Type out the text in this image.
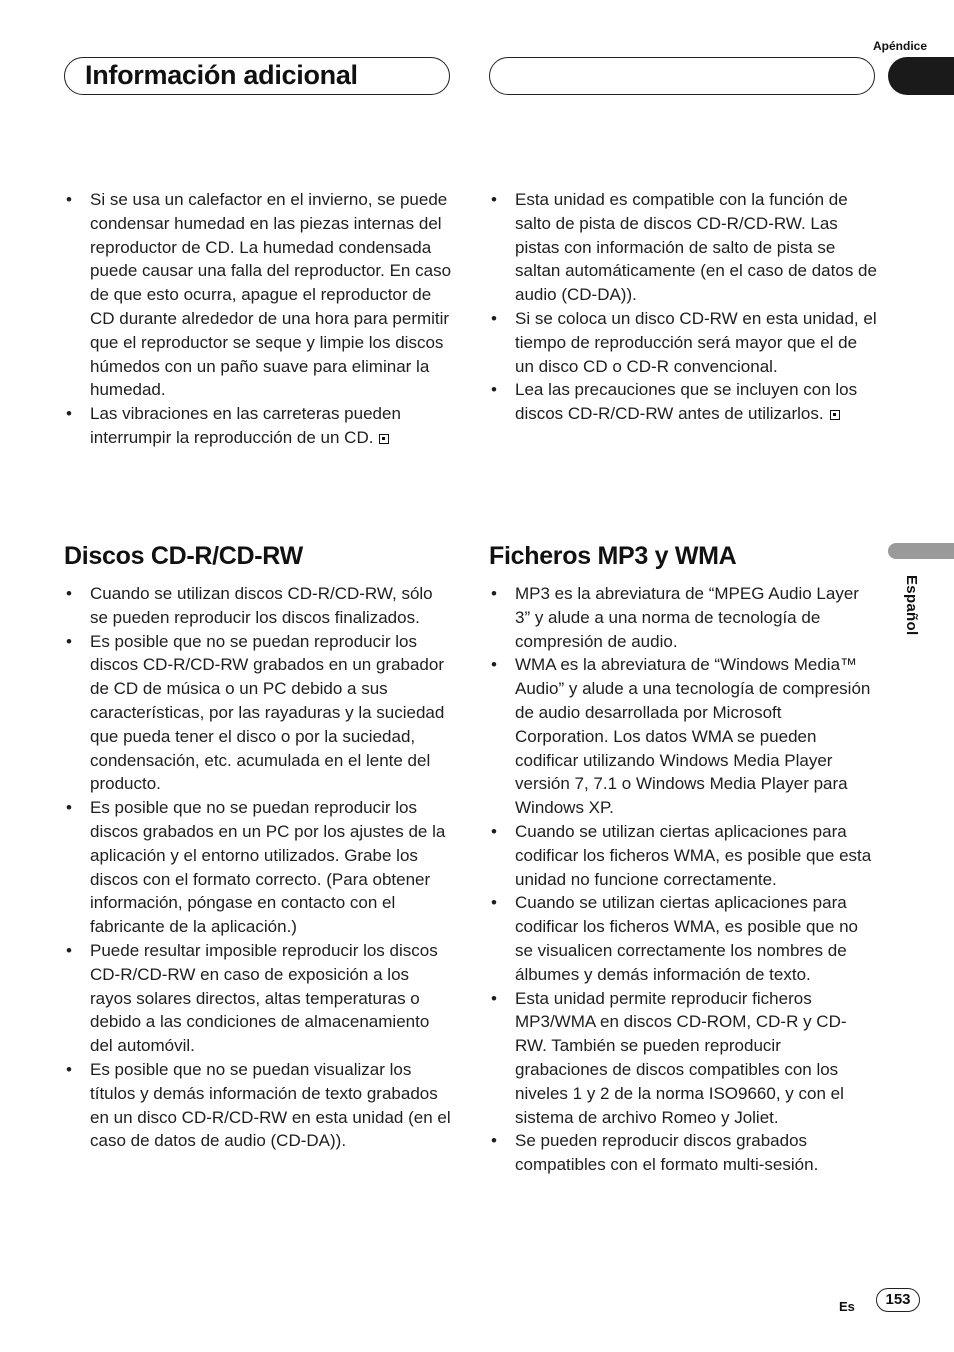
Apéndice
Información adicional
Español
• Si se usa un calefactor en el invierno, se puede condensar humedad en las piezas internas del reproductor de CD. La humedad condensada puede causar una falla del reproductor. En caso de que esto ocurra, apague el reproductor de CD durante alrededor de una hora para permitir que el reproductor se seque y limpie los discos húmedos con un paño suave para eliminar la humedad.
• Las vibraciones en las carreteras pueden interrumpir la reproducción de un CD.
• Esta unidad es compatible con la función de salto de pista de discos CD-R/CD-RW. Las pistas con información de salto de pista se saltan automáticamente (en el caso de datos de audio (CD-DA)).
• Si se coloca un disco CD-RW en esta unidad, el tiempo de reproducción será mayor que el de un disco CD o CD-R convencional.
• Lea las precauciones que se incluyen con los discos CD-R/CD-RW antes de utilizarlos.
Discos CD-R/CD-RW
• Cuando se utilizan discos CD-R/CD-RW, sólo se pueden reproducir los discos finalizados.
• Es posible que no se puedan reproducir los discos CD-R/CD-RW grabados en un grabador de CD de música o un PC debido a sus características, por las rayaduras y la suciedad que pueda tener el disco o por la suciedad, condensación, etc. acumulada en el lente del producto.
• Es posible que no se puedan reproducir los discos grabados en un PC por los ajustes de la aplicación y el entorno utilizados. Grabe los discos con el formato correcto. (Para obtener información, póngase en contacto con el fabricante de la aplicación.)
• Puede resultar imposible reproducir los discos CD-R/CD-RW en caso de exposición a los rayos solares directos, altas temperaturas o debido a las condiciones de almacenamiento del automóvil.
• Es posible que no se puedan visualizar los títulos y demás información de texto grabados en un disco CD-R/CD-RW en esta unidad (en el caso de datos de audio (CD-DA)).
Ficheros MP3 y WMA
• MP3 es la abreviatura de “MPEG Audio Layer 3” y alude a una norma de tecnología de compresión de audio.
• WMA es la abreviatura de “Windows Media™ Audio” y alude a una tecnología de compresión de audio desarrollada por Microsoft Corporation. Los datos WMA se pueden codificar utilizando Windows Media Player versión 7, 7.1 o Windows Media Player para Windows XP.
• Cuando se utilizan ciertas aplicaciones para codificar los ficheros WMA, es posible que esta unidad no funcione correctamente.
• Cuando se utilizan ciertas aplicaciones para codificar los ficheros WMA, es posible que no se visualicen correctamente los nombres de álbumes y demás información de texto.
• Esta unidad permite reproducir ficheros MP3/WMA en discos CD-ROM, CD-R y CD-RW. También se pueden reproducir grabaciones de discos compatibles con los niveles 1 y 2 de la norma ISO9660, y con el sistema de archivo Romeo y Joliet.
• Se pueden reproducir discos grabados compatibles con el formato multi-sesión.
Es	153
